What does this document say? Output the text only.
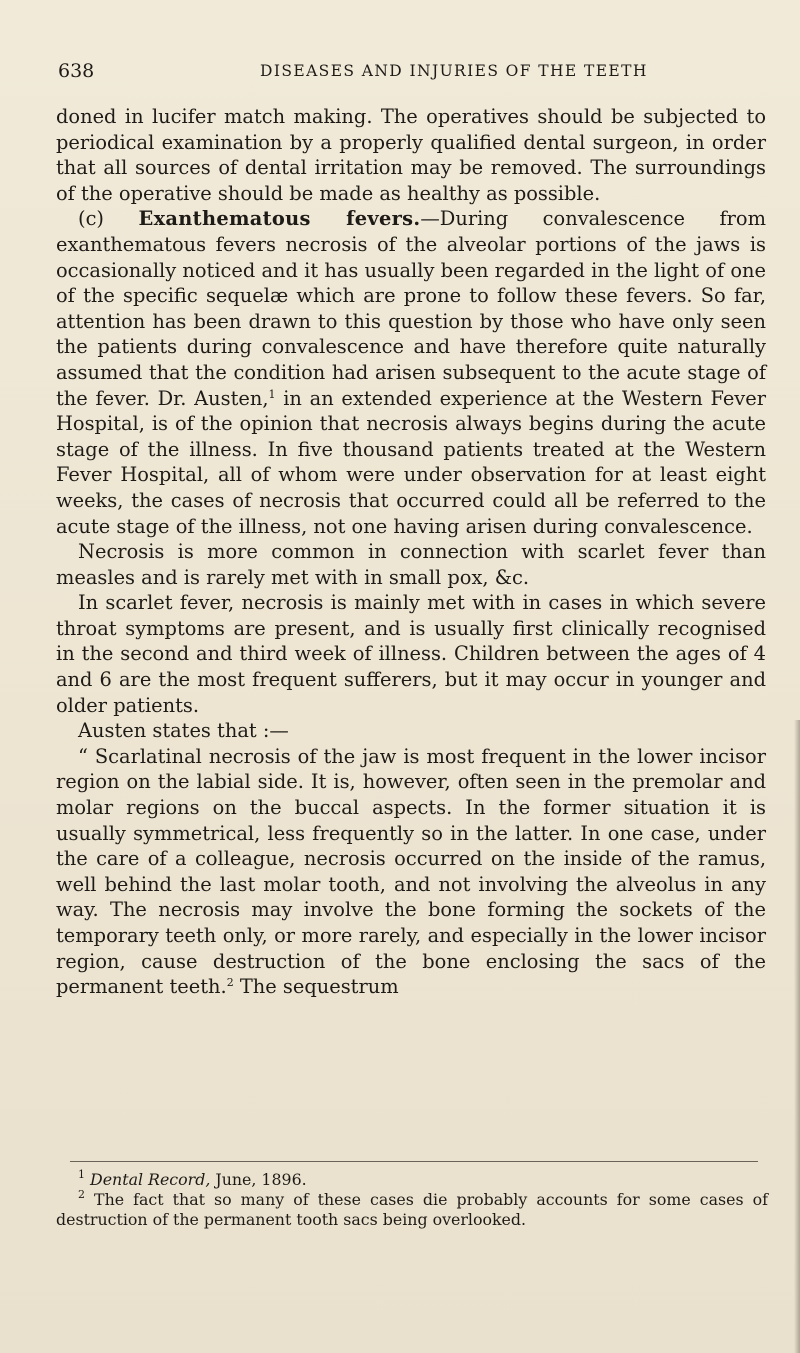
638	DISEASES AND INJURIES OF THE TEETH

doned in lucifer match making. The operatives should be subjected to periodical examination by a properly qualified dental surgeon, in order that all sources of dental irritation may be removed. The surroundings of the operative should be made as healthy as possible.

(c) Exanthematous fevers.—During convalescence from exanthematous fevers necrosis of the alveolar portions of the jaws is occasionally noticed and it has usually been regarded in the light of one of the specific sequelæ which are prone to follow these fevers. So far, attention has been drawn to this question by those who have only seen the patients during convalescence and have therefore quite naturally assumed that the condition had arisen subsequent to the acute stage of the fever. Dr. Austen,$^1$ in an extended experience at the Western Fever Hospital, is of the opinion that necrosis always begins during the acute stage of the illness. In five thousand patients treated at the Western Fever Hospital, all of whom were under observation for at least eight weeks, the cases of necrosis that occurred could all be referred to the acute stage of the illness, not one having arisen during convalescence.

Necrosis is more common in connection with scarlet fever than measles and is rarely met with in small pox, &c.

In scarlet fever, necrosis is mainly met with in cases in which severe throat symptoms are present, and is usually first clinically recognised in the second and third week of illness. Children between the ages of 4 and 6 are the most frequent sufferers, but it may occur in younger and older patients.

Austen states that :—

“ Scarlatinal necrosis of the jaw is most frequent in the lower incisor region on the labial side. It is, however, often seen in the premolar and molar regions on the buccal aspects. In the former situation it is usually symmetrical, less frequently so in the latter. In one case, under the care of a colleague, necrosis occurred on the inside of the ramus, well behind the last molar tooth, and not involving the alveolus in any way. The necrosis may involve the bone forming the sockets of the temporary teeth only, or more rarely, and especially in the lower incisor region, cause destruction of the bone enclosing the sacs of the permanent teeth.$^2$ The sequestrum

$^1$ Dental Record, June, 1896.

$^2$ The fact that so many of these cases die probably accounts for some cases of destruction of the permanent tooth sacs being overlooked.
